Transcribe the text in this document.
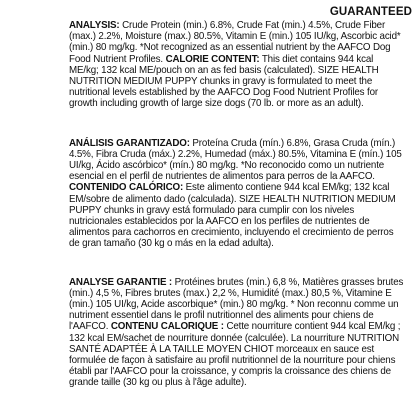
GUARANTEED
ANALYSIS: Crude Protein (min.) 6.8%, Crude Fat (min.) 4.5%, Crude Fiber (max.) 2.2%, Moisture (max.) 80.5%, Vitamin E (min.) 105 IU/kg, Ascorbic acid* (min.) 80 mg/kg. *Not recognized as an essential nutrient by the AAFCO Dog Food Nutrient Profiles. CALORIE CONTENT: This diet contains 944 kcal ME/kg; 132 kcal ME/pouch on an as fed basis (calculated). SIZE HEALTH NUTRITION MEDIUM PUPPY chunks in gravy is formulated to meet the nutritional levels established by the AAFCO Dog Food Nutrient Profiles for growth including growth of large size dogs (70 lb. or more as an adult).
ANÁLISIS GARANTIZADO: Proteína Cruda (mín.) 6.8%, Grasa Cruda (mín.) 4.5%, Fibra Cruda (máx.) 2.2%, Humedad (máx.) 80.5%, Vitamina E (mín.) 105 UI/kg, Ácido ascórbico* (mín.) 80 mg/kg. *No reconocido como un nutriente esencial en el perfil de nutrientes de alimentos para perros de la AAFCO. CONTENIDO CALÓRICO: Este alimento contiene 944 kcal EM/kg; 132 kcal EM/sobre de alimento dado (calculada). SIZE HEALTH NUTRITION MEDIUM PUPPY chunks in gravy está formulado para cumplir con los niveles nutricionales establecidos por la AAFCO en los perfiles de nutrientes de alimentos para cachorros en crecimiento, incluyendo el crecimiento de perros de gran tamaño (30 kg o más en la edad adulta).
ANALYSE GARANTIE : Protéines brutes (min.) 6,8 %, Matières grasses brutes (min.) 4,5 %, Fibres brutes (max.) 2,2 %, Humidité (max.) 80,5 %, Vitamine E (min.) 105 UI/kg, Acide ascorbique* (min.) 80 mg/kg. * Non reconnu comme un nutriment essentiel dans le profil nutritionnel des aliments pour chiens de l'AAFCO. CONTENU CALORIQUE : Cette nourriture contient 944 kcal EM/kg ; 132 kcal EM/sachet de nourriture donnée (calculée). La nourriture NUTRITION SANTÉ ADAPTÉE À LA TAILLE MOYEN CHIOT morceaux en sauce est formulée de façon à satisfaire au profil nutritionnel de la nourriture pour chiens établi par l'AAFCO pour la croissance, y compris la croissance des chiens de grande taille (30 kg ou plus à l'âge adulte).
